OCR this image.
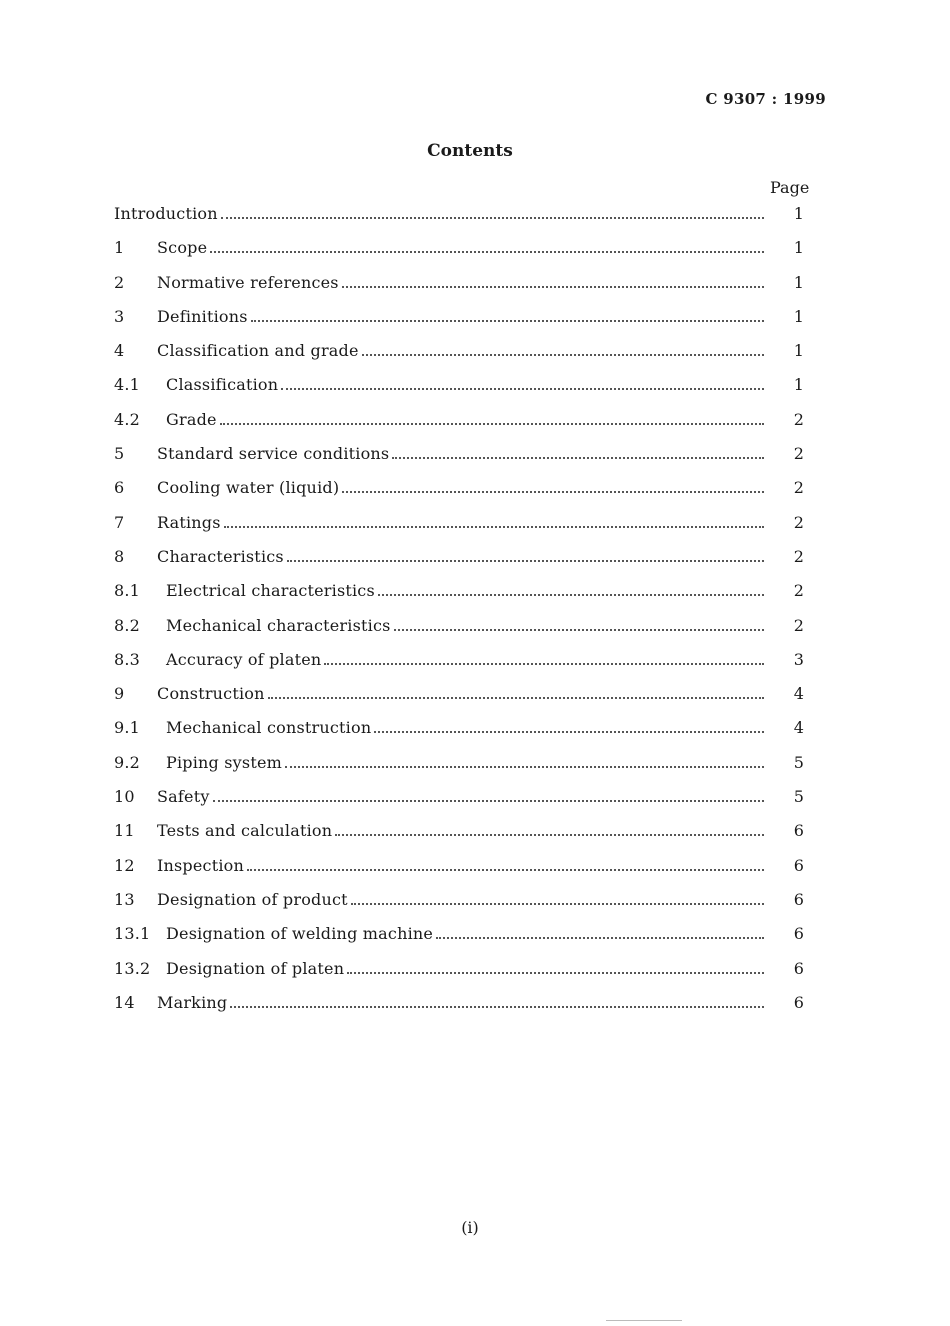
C 9307 : 1999
Contents
Page
Introduction	1
1	Scope	1
2	Normative references	1
3	Definitions	1
4	Classification and grade	1
4.1	Classification	1
4.2	Grade	2
5	Standard service conditions	2
6	Cooling water (liquid)	2
7	Ratings	2
8	Characteristics	2
8.1	Electrical characteristics	2
8.2	Mechanical characteristics	2
8.3	Accuracy of platen	3
9	Construction	4
9.1	Mechanical construction	4
9.2	Piping system	5
10	Safety	5
11	Tests and calculation	6
12	Inspection	6
13	Designation of product	6
13.1 Designation of welding machine	6
13.2 Designation of platen	6
14	Marking	6
(i)
